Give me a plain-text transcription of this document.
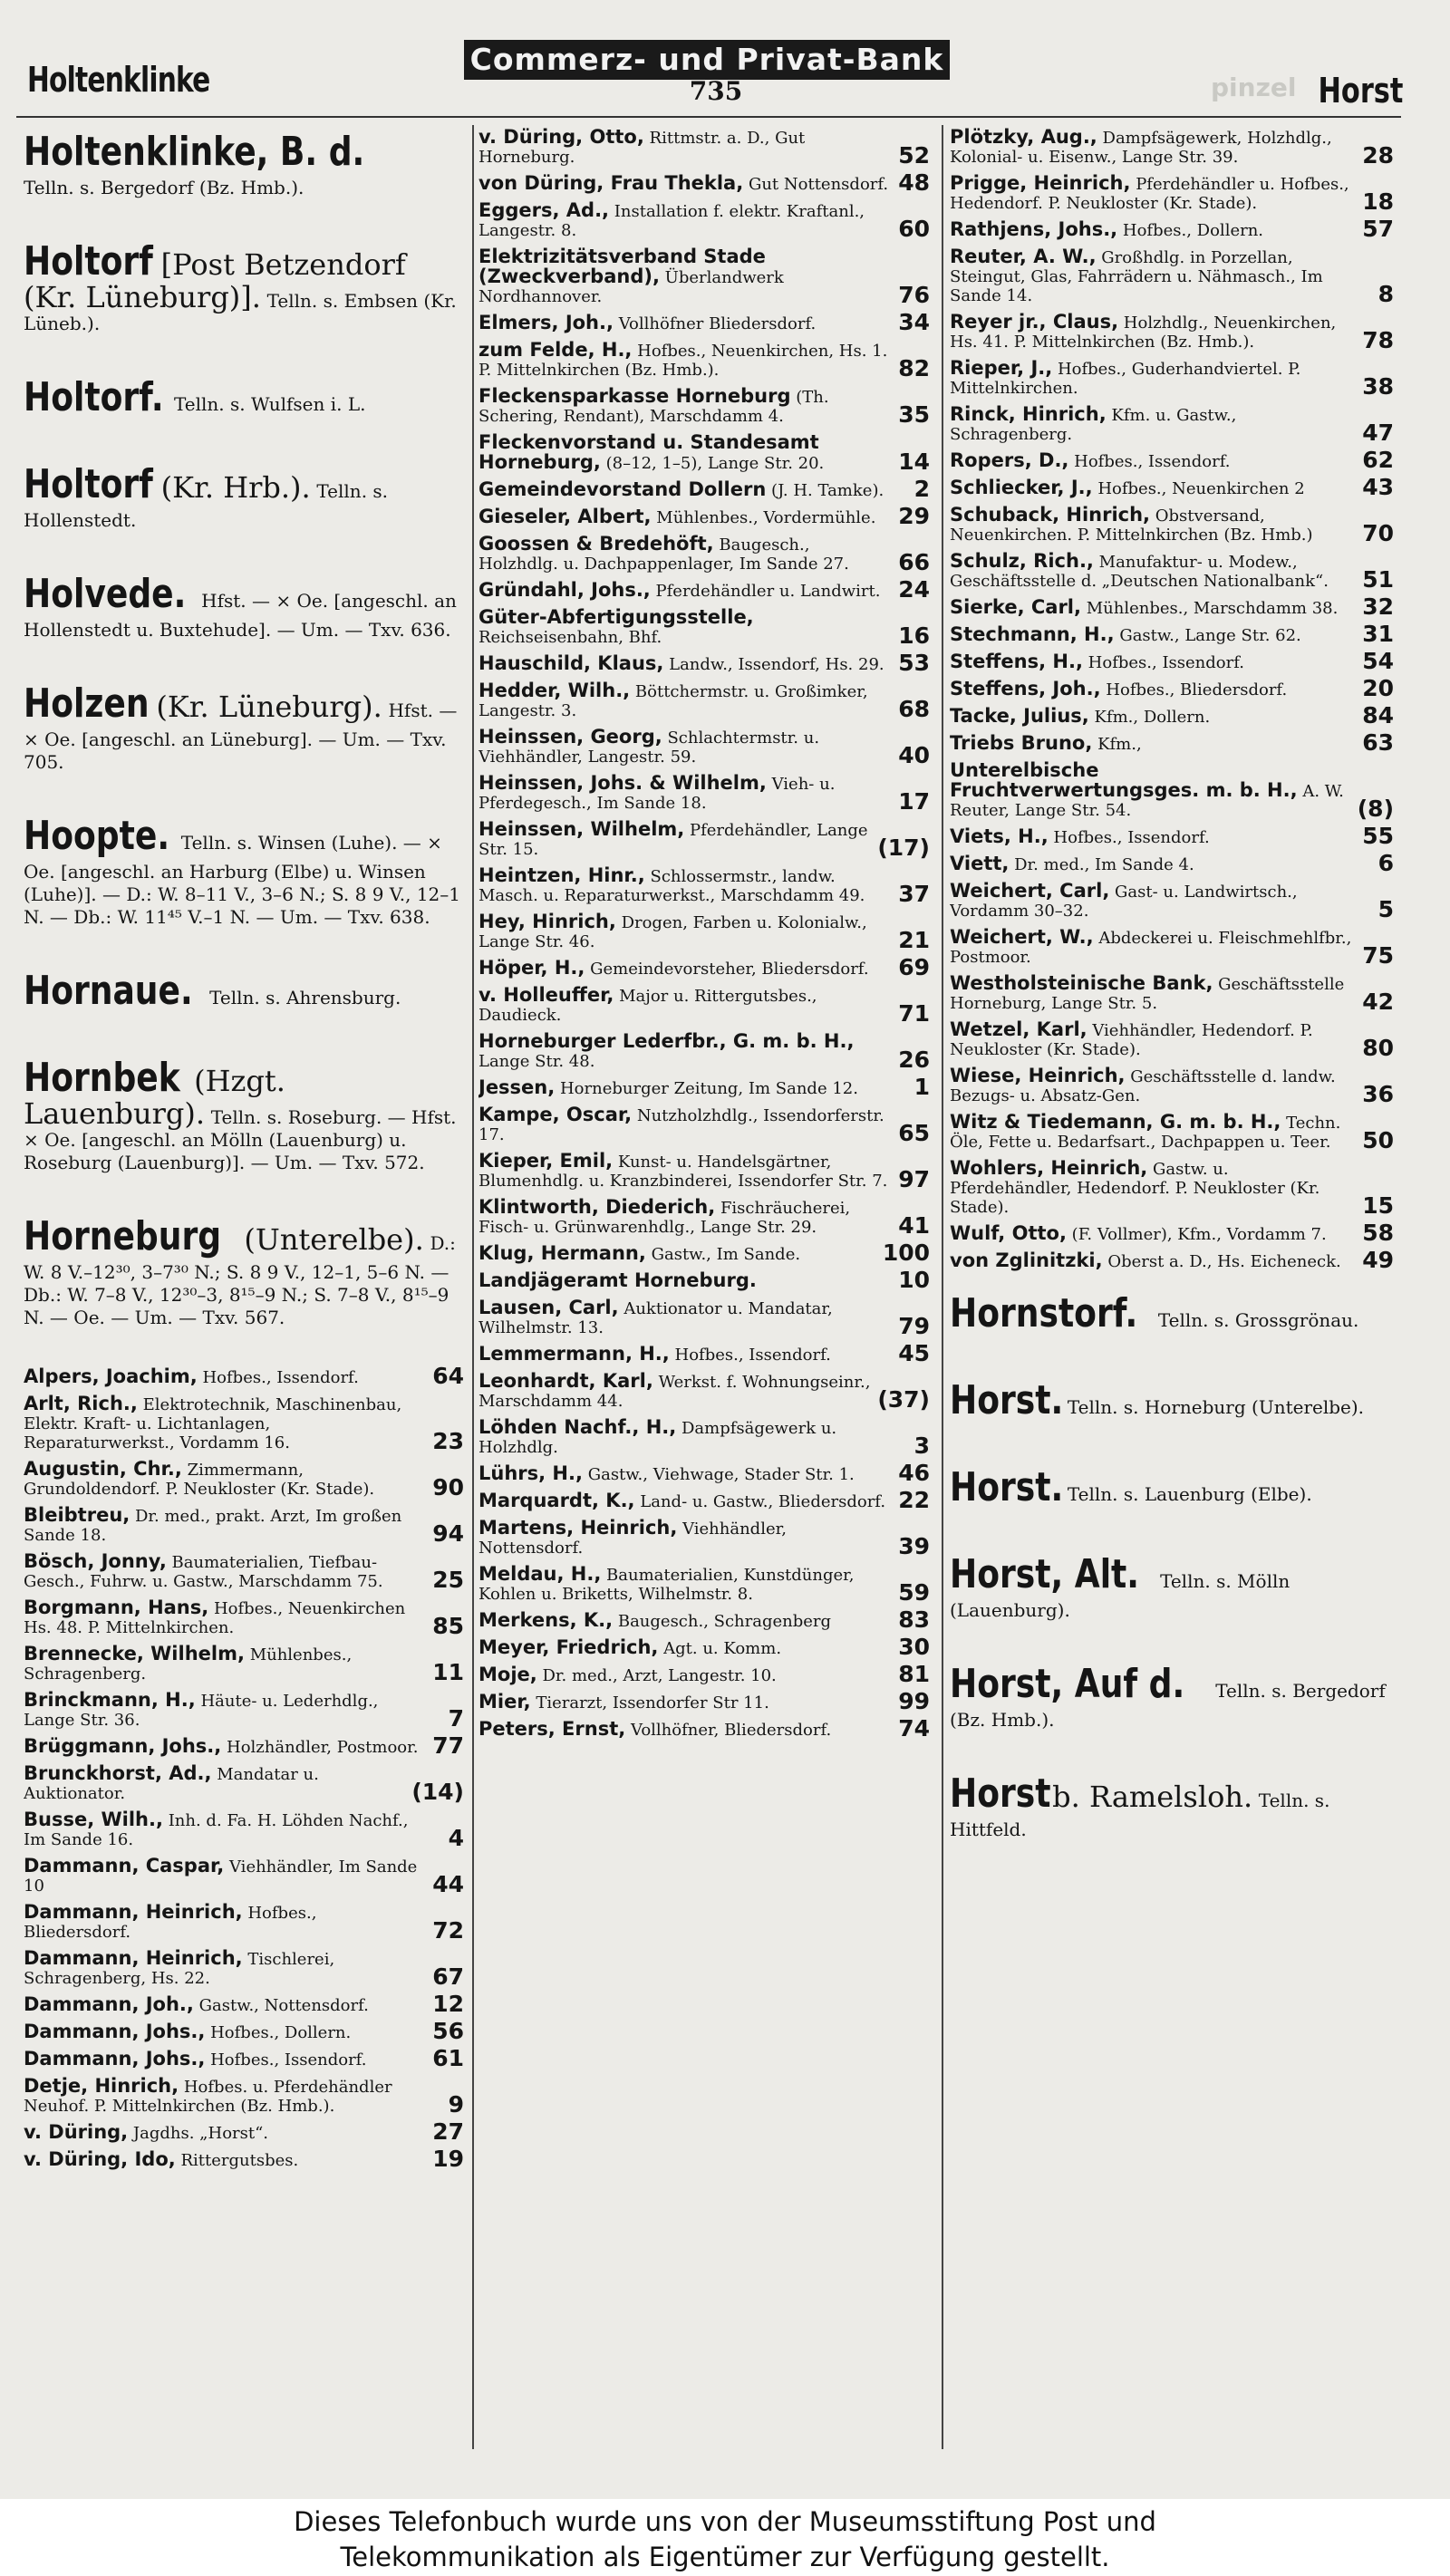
Holtenklinke
Commerz- und Privat-Bank
735	pinzel Horst
Holtenklinke, B. d. Telln. s. Bergedorf (Bz. Hmb.).
Holtorf [Post Betzendorf (Kr. Lüneburg)]. Telln. s. Embsen (Kr. Lüneb.).
Holtorf. Telln. s. Wulfsen i. L.
Holtorf (Kr. Hrb.). Telln. s. Hollenstedt.
Holvede. Hfst. — × Oe. [angeschl. an Hollenstedt u. Buxtehude]. — Um. — Txv. 636.
Holzen (Kr. Lüneburg). Hfst. — × Oe. [angeschl. an Lüneburg]. — Um. — Txv. 705.
Hoopte. Telln. s. Winsen (Luhe). — × Oe. [angeschl. an Harburg (Elbe) u. Winsen (Luhe)]. — D.: W. 8–11 V., 3–6 N.; S. 8 9 V., 12–1 N. — Db.: W. 11⁴⁵ V.–1 N. — Um. — Txv. 638.
Hornaue. Telln. s. Ahrensburg.
Hornbek (Hzgt. Lauenburg). Telln. s. Roseburg. — Hfst. × Oe. [angeschl. an Mölln (Lauenburg) u. Roseburg (Lauenburg)]. — Um. — Txv. 572.
Horneburg (Unterelbe). D.: W. 8 V.–12³⁰, 3–7³⁰ N.; S. 8 9 V., 12–1, 5–6 N. — Db.: W. 7–8 V., 12³⁰–3, 8¹⁵–9 N.; S. 7–8 V., 8¹⁵–9 N. — Oe. — Um. — Txv. 567.
Alpers, Joachim, Hofbes., Issendorf.	64
Arlt, Rich., Elektrotechnik, Maschinenbau, Elektr. Kraft- u. Lichtanlagen, Reparaturwerkst., Vordamm 16.	23
Augustin, Chr., Zimmermann, Grundoldendorf. P. Neukloster (Kr. Stade).	90
Bleibtreu, Dr. med., prakt. Arzt, Im großen Sande 18.	94
Bösch, Jonny, Baumaterialien, Tiefbau-Gesch., Fuhrw. u. Gastw., Marschdamm 75. 25
Borgmann, Hans, Hofbes., Neuenkirchen Hs. 48. P. Mittelnkirchen.	85
Brennecke, Wilhelm, Mühlenbes., Schragenberg.	11
Brinckmann, H., Häute- u. Lederhdlg., Lange Str. 36.	7
Brüggmann, Johs., Holzhändler, Postmoor. 77
Brunckhorst, Ad., Mandatar u. Auktionator.	(14)
Busse, Wilh., Inh. d. Fa. H. Löhden Nachf., Im Sande 16.	4
Dammann, Caspar, Viehhändler, Im Sande 10	44
Dammann, Heinrich, Hofbes., Bliedersdorf.	72
Dammann, Heinrich, Tischlerei, Schragenberg, Hs. 22.	67
Dammann, Joh., Gastw., Nottensdorf.	12
Dammann, Johs., Hofbes., Dollern.	56
Dammann, Johs., Hofbes., Issendorf.	61
Detje, Hinrich, Hofbes. u. Pferdehändler Neuhof. P. Mittelnkirchen (Bz. Hmb.).	9
v. Düring, Jagdhs. „Horst“.	27
v. Düring, Ido, Rittergutsbes.	19
v. Düring, Otto, Rittmstr. a. D., Gut Horneburg.	52
von Düring, Frau Thekla, Gut Nottensdorf. 48
Eggers, Ad., Installation f. elektr. Kraftanl., Langestr. 8.	60
Elektrizitätsverband Stade (Zweckverband), Überlandwerk Nordhannover.	76
Elmers, Joh., Vollhöfner Bliedersdorf.	34
zum Felde, H., Hofbes., Neuenkirchen, Hs. 1. P. Mittelnkirchen (Bz. Hmb.).	82
Fleckensparkasse Horneburg (Th. Schering, Rendant), Marschdamm 4.	35
Fleckenvorstand u. Standesamt Horneburg, (8–12, 1–5), Lange Str. 20.	14
Gemeindevorstand Dollern (J. H. Tamke). 2
Gieseler, Albert, Mühlenbes., Vordermühle. 29
Goossen & Bredehöft, Baugesch., Holzhdlg. u. Dachpappenlager, Im Sande 27. 66
Gründahl, Johs., Pferdehändler u. Landwirt. 24
Güter-Abfertigungsstelle, Reichseisenbahn, Bhf.	16
Hauschild, Klaus, Landw., Issendorf, Hs. 29. 53
Hedder, Wilh., Böttchermstr. u. Großimker, Langestr. 3.	68
Heinssen, Georg, Schlachtermstr. u. Viehhändler, Langestr. 59.	40
Heinssen, Johs. & Wilhelm, Vieh- u. Pferdegesch., Im Sande 18.	17
Heinssen, Wilhelm, Pferdehändler, Lange Str. 15.	(17)
Heintzen, Hinr., Schlossermstr., landw. Masch. u. Reparaturwerkst., Marschdamm 49. 37
Hey, Hinrich, Drogen, Farben u. Kolonialw., Lange Str. 46.	21
Höper, H., Gemeindevorsteher, Bliedersdorf. 69
v. Holleuffer, Major u. Rittergutsbes., Daudieck.	71
Horneburger Lederfbr., G. m. b. H., Lange Str. 48.	26
Jessen, Horneburger Zeitung, Im Sande 12. 1
Kampe, Oscar, Nutzholzhdlg., Issendorferstr. 17.	65
Kieper, Emil, Kunst- u. Handelsgärtner, Blumenhdlg. u. Kranzbinderei, Issendorfer Str. 7. 97
Klintworth, Diederich, Fischräucherei, Fisch- u. Grünwarenhdlg., Lange Str. 29.	41
Klug, Hermann, Gastw., Im Sande.	100
Landjägeramt Horneburg.	10
Lausen, Carl, Auktionator u. Mandatar, Wilhelmstr. 13.	79
Lemmermann, H., Hofbes., Issendorf.	45
Leonhardt, Karl, Werkst. f. Wohnungseinr., Marschdamm 44.	(37)
Löhden Nachf., H., Dampfsägewerk u. Holzhdlg.	3
Lührs, H., Gastw., Viehwage, Stader Str. 1. 46
Marquardt, K., Land- u. Gastw., Bliedersdorf. 22
Martens, Heinrich, Viehhändler, Nottensdorf.	39
Meldau, H., Baumaterialien, Kunstdünger, Kohlen u. Briketts, Wilhelmstr. 8.	59
Merkens, K., Baugesch., Schragenberg	83
Meyer, Friedrich, Agt. u. Komm.	30
Moje, Dr. med., Arzt, Langestr. 10.	81
Mier, Tierarzt, Issendorfer Str 11.	99
Peters, Ernst, Vollhöfner, Bliedersdorf.	74
Plötzky, Aug., Dampfsägewerk, Holzhdlg., Kolonial- u. Eisenw., Lange Str. 39.	28
Prigge, Heinrich, Pferdehändler u. Hofbes., Hedendorf. P. Neukloster (Kr. Stade).	18
Rathjens, Johs., Hofbes., Dollern.	57
Reuter, A. W., Großhdlg. in Porzellan, Steingut, Glas, Fahrrädern u. Nähmasch., Im Sande 14.	8
Reyer jr., Claus, Holzhdlg., Neuenkirchen, Hs. 41. P. Mittelnkirchen (Bz. Hmb.).	78
Rieper, J., Hofbes., Guderhandviertel. P. Mittelnkirchen.	38
Rinck, Hinrich, Kfm. u. Gastw., Schragenberg.	47
Ropers, D., Hofbes., Issendorf.	62
Schliecker, J., Hofbes., Neuenkirchen 2	43
Schuback, Hinrich, Obstversand, Neuenkirchen. P. Mittelnkirchen (Bz. Hmb.) 70
Schulz, Rich., Manufaktur- u. Modew., Geschäftsstelle d. „Deutschen Nationalbank“. 51
Sierke, Carl, Mühlenbes., Marschdamm 38. 32
Stechmann, H., Gastw., Lange Str. 62.	31
Steffens, H., Hofbes., Issendorf.	54
Steffens, Joh., Hofbes., Bliedersdorf.	20
Tacke, Julius, Kfm., Dollern.	84
Triebs Bruno, Kfm.,	63
Unterelbische Fruchtverwertungsges. m. b. H., A. W. Reuter, Lange Str. 54.	(8)
Viets, H., Hofbes., Issendorf.	55
Viett, Dr. med., Im Sande 4.	6
Weichert, Carl, Gast- u. Landwirtsch., Vordamm 30–32.	5
Weichert, W., Abdeckerei u. Fleischmehlfbr., Postmoor.	75
Westholsteinische Bank, Geschäftsstelle Horneburg, Lange Str. 5.	42
Wetzel, Karl, Viehhändler, Hedendorf. P. Neukloster (Kr. Stade).	80
Wiese, Heinrich, Geschäftsstelle d. landw. Bezugs- u. Absatz-Gen.	36
Witz & Tiedemann, G. m. b. H., Techn. Öle, Fette u. Bedarfsart., Dachpappen u. Teer. 50
Wohlers, Heinrich, Gastw. u. Pferdehändler, Hedendorf. P. Neukloster (Kr. Stade).	15
Wulf, Otto, (F. Vollmer), Kfm., Vordamm 7. 58
von Zglinitzki, Oberst a. D., Hs. Eicheneck. 49
Hornstorf. Telln. s. Grossgrönau.
Horst. Telln. s. Horneburg (Unterelbe).
Horst. Telln. s. Lauenburg (Elbe).
Horst, Alt. Telln. s. Mölln (Lauenburg).
Horst, Auf d. Telln. s. Bergedorf (Bz. Hmb.).
Horst b. Ramelsloh. Telln. s. Hittfeld.
Dieses Telefonbuch wurde uns von der Museumsstiftung Post und
Telekommunikation als Eigentümer zur Verfügung gestellt.
